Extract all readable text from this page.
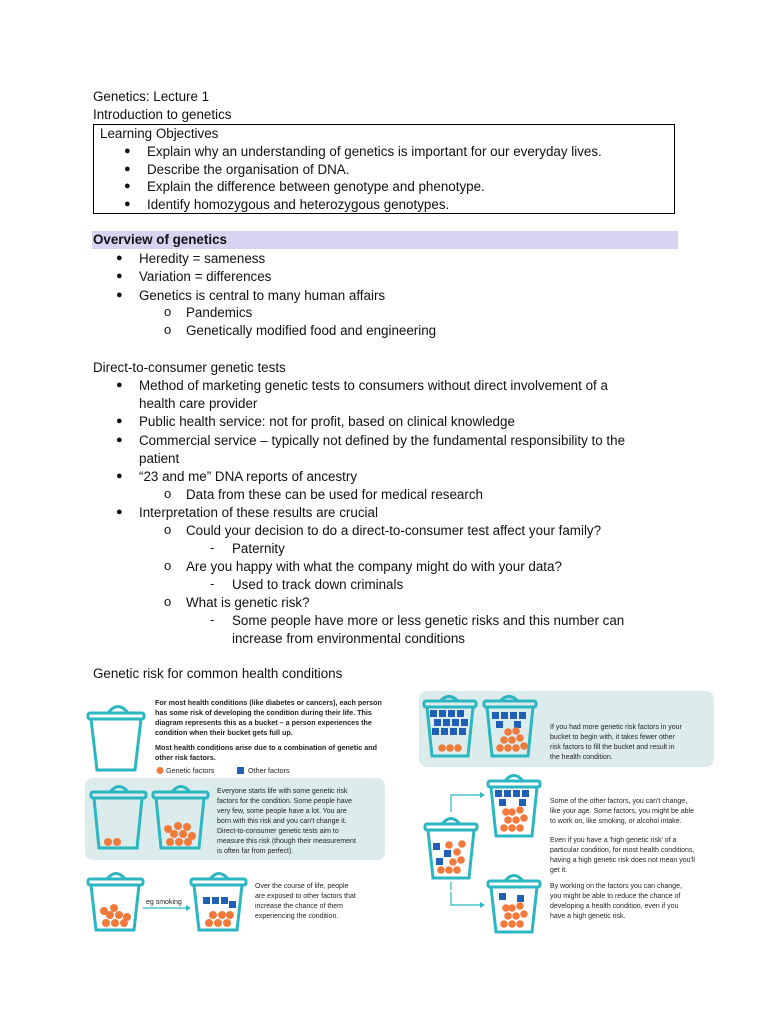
Genetics: Lecture 1
Introduction to genetics
Learning Objectives
● Explain why an understanding of genetics is important for our everyday lives.
● Describe the organisation of DNA.
● Explain the difference between genotype and phenotype.
● Identify homozygous and heterozygous genotypes.
Overview of genetics
● Heredity = sameness
● Variation = differences
● Genetics is central to many human affairs
o Pandemics
o Genetically modified food and engineering
Direct-to-consumer genetic tests
● Method of marketing genetic tests to consumers without direct involvement of a
health care provider
● Public health service: not for profit, based on clinical knowledge
● Commercial service – typically not defined by the fundamental responsibility to the
patient
● “23 and me” DNA reports of ancestry
o Data from these can be used for medical research
● Interpretation of these results are crucial
o Could your decision to do a direct-to-consumer test affect your family?
- Paternity
o Are you happy with what the company might do with your data?
- Used to track down criminals
o What is genetic risk?
- Some people have more or less genetic risks and this number can
increase from environmental conditions
Genetic risk for common health conditions
For most health conditions (like diabetes or cancers), each person
has some risk of developing the condition during their life. This
diagram represents this as a bucket – a person experiences the
condition when their bucket gets full up.
Most health conditions arise due to a combination of genetic and
other risk factors.
Genetic factors	Other factors
Everyone starts life with some genetic risk
factors for the condition. Some people have
very few, some people have a lot. You are
born with this risk and you can't change it.
Direct-to-consumer genetic tests aim to
measure this risk (though their measurement
is often far from perfect).
eg smoking
Over the course of life, people
are exposed to other factors that
increase the chance of them
experiencing the condition.
If you had more genetic risk factors in your
bucket to begin with, it takes fewer other
risk factors to fill the bucket and result in
the health condition.
Some of the other factors, you can't change,
like your age. Some factors, you might be able
to work on, like smoking, or alcohol intake.
Even if you have a 'high genetic risk' of a
particular condition, for most health conditions,
having a high genetic risk does not mean you'll
get it.
By working on the factors you can change,
you might be able to reduce the chance of
developing a health condition, even if you
have a high genetic risk.
